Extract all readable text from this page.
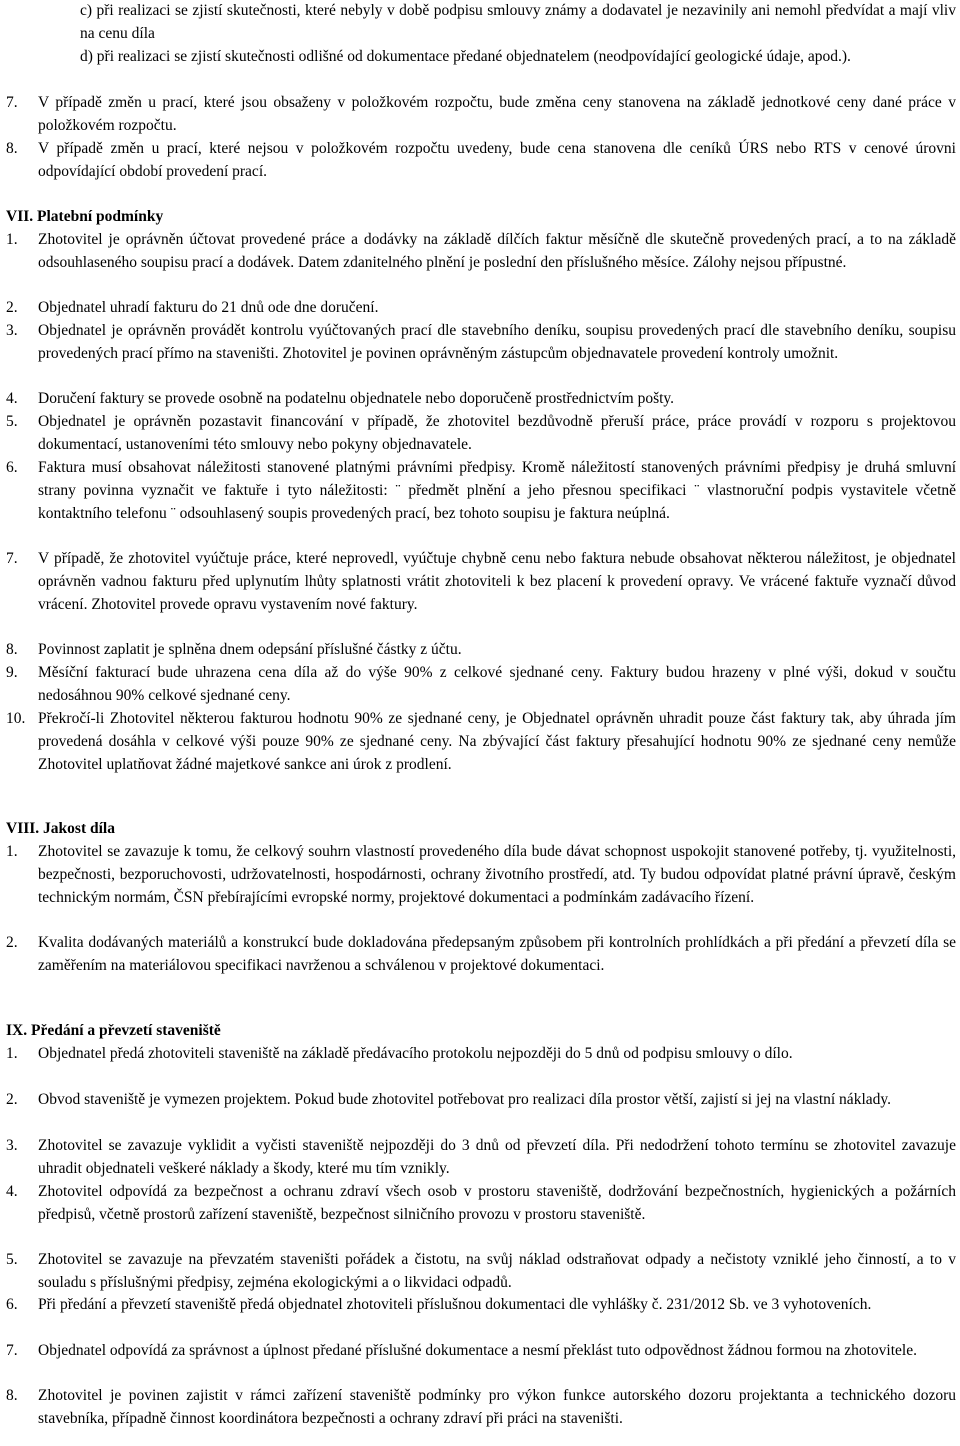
c) při realizaci se zjistí skutečnosti, které nebyly v době podpisu smlouvy známy a dodavatel je nezavinily ani nemohl předvídat a mají vliv na cenu díla
d) při realizaci se zjistí skutečnosti odlišné od dokumentace předané objednatelem (neodpovídající geologické údaje, apod.).
7. V případě změn u prací, které jsou obsaženy v položkovém rozpočtu, bude změna ceny stanovena na základě jednotkové ceny dané práce v položkovém rozpočtu.
8. V případě změn u prací, které nejsou v položkovém rozpočtu uvedeny, bude cena stanovena dle ceníků ÚRS nebo RTS v cenové úrovni odpovídající období provedení prací.
VII. Platební podmínky
1. Zhotovitel je oprávněn účtovat provedené práce a dodávky na základě dílčích faktur měsíčně dle skutečně provedených prací, a to na základě odsouhlaseného soupisu prací a dodávek. Datem zdanitelného plnění je poslední den příslušného měsíce. Zálohy nejsou přípustné.
2. Objednatel uhradí fakturu do 21 dnů ode dne doručení.
3. Objednatel je oprávněn provádět kontrolu vyúčtovaných prací dle stavebního deníku, soupisu provedených prací dle stavebního deníku, soupisu provedených prací přímo na staveništi. Zhotovitel je povinen oprávněným zástupcům objednavatele provedení kontroly umožnit.
4. Doručení faktury se provede osobně na podatelnu objednatele nebo doporučeně prostřednictvím pošty.
5. Objednatel je oprávněn pozastavit financování v případě, že zhotovitel bezdůvodně přeruší práce, práce provádí v rozporu s projektovou dokumentací, ustanoveními této smlouvy nebo pokyny objednavatele.
6. Faktura musí obsahovat náležitosti stanovené platnými právními předpisy. Kromě náležitostí stanovených právními předpisy je druhá smluvní strany povinna vyznačit ve faktuře i tyto náležitosti: ¨ předmět plnění a jeho přesnou specifikaci ¨ vlastnoruční podpis vystavitele včetně kontaktního telefonu ¨ odsouhlasený soupis provedených prací, bez tohoto soupisu je faktura neúplná.
7. V případě, že zhotovitel vyúčtuje práce, které neprovedl, vyúčtuje chybně cenu nebo faktura nebude obsahovat některou náležitost, je objednatel oprávněn vadnou fakturu před uplynutím lhůty splatnosti vrátit zhotoviteli k bez placení k provedení opravy. Ve vrácené faktuře vyznačí důvod vrácení. Zhotovitel provede opravu vystavením nové faktury.
8. Povinnost zaplatit je splněna dnem odepsání příslušné částky z účtu.
9. Měsíční fakturací bude uhrazena cena díla až do výše 90% z celkové sjednané ceny. Faktury budou hrazeny v plné výši, dokud v součtu nedosáhnou 90% celkové sjednané ceny.
10. Překročí-li Zhotovitel některou fakturou hodnotu 90% ze sjednané ceny, je Objednatel oprávněn uhradit pouze část faktury tak, aby úhrada jím provedená dosáhla v celkové výši pouze 90% ze sjednané ceny. Na zbývající část faktury přesahující hodnotu 90% ze sjednané ceny nemůže Zhotovitel uplatňovat žádné majetkové sankce ani úrok z prodlení.
VIII. Jakost díla
1. Zhotovitel se zavazuje k tomu, že celkový souhrn vlastností provedeného díla bude dávat schopnost uspokojit stanovené potřeby, tj. využitelnosti, bezpečnosti, bezporuchovosti, udržovatelnosti, hospodárnosti, ochrany životního prostředí, atd. Ty budou odpovídat platné právní úpravě, českým technickým normám, ČSN přebírajícími evropské normy, projektové dokumentaci a podmínkám zadávacího řízení.
2. Kvalita dodávaných materiálů a konstrukcí bude dokladována předepsaným způsobem při kontrolních prohlídkách a při předání a převzetí díla se zaměřením na materiálovou specifikaci navrženou a schválenou v projektové dokumentaci.
IX. Předání a převzetí staveniště
1. Objednatel předá zhotoviteli staveniště na základě předávacího protokolu nejpozději do 5 dnů od podpisu smlouvy o dílo.
2. Obvod staveniště je vymezen projektem. Pokud bude zhotovitel potřebovat pro realizaci díla prostor větší, zajistí si jej na vlastní náklady.
3. Zhotovitel se zavazuje vyklidit a vyčisti staveniště nejpozději do 3 dnů od převzetí díla. Při nedodržení tohoto termínu se zhotovitel zavazuje uhradit objednateli veškeré náklady a škody, které mu tím vznikly.
4. Zhotovitel odpovídá za bezpečnost a ochranu zdraví všech osob v prostoru staveniště, dodržování bezpečnostních, hygienických a požárních předpisů, včetně prostorů zařízení staveniště, bezpečnost silničního provozu v prostoru staveniště.
5. Zhotovitel se zavazuje na převzatém staveništi pořádek a čistotu, na svůj náklad odstraňovat odpady a nečistoty vzniklé jeho činností, a to v souladu s příslušnými předpisy, zejména ekologickými a o likvidaci odpadů.
6. Při předání a převzetí staveniště předá objednatel zhotoviteli příslušnou dokumentaci dle vyhlášky č. 231/2012 Sb. ve 3 vyhotoveních.
7. Objednatel odpovídá za správnost a úplnost předané příslušné dokumentace a nesmí překlást tuto odpovědnost žádnou formou na zhotovitele.
8. Zhotovitel je povinen zajistit v rámci zařízení staveniště podmínky pro výkon funkce autorského dozoru projektanta a technického dozoru stavebníka, případně činnost koordinátora bezpečnosti a ochrany zdraví při práci na staveništi.
